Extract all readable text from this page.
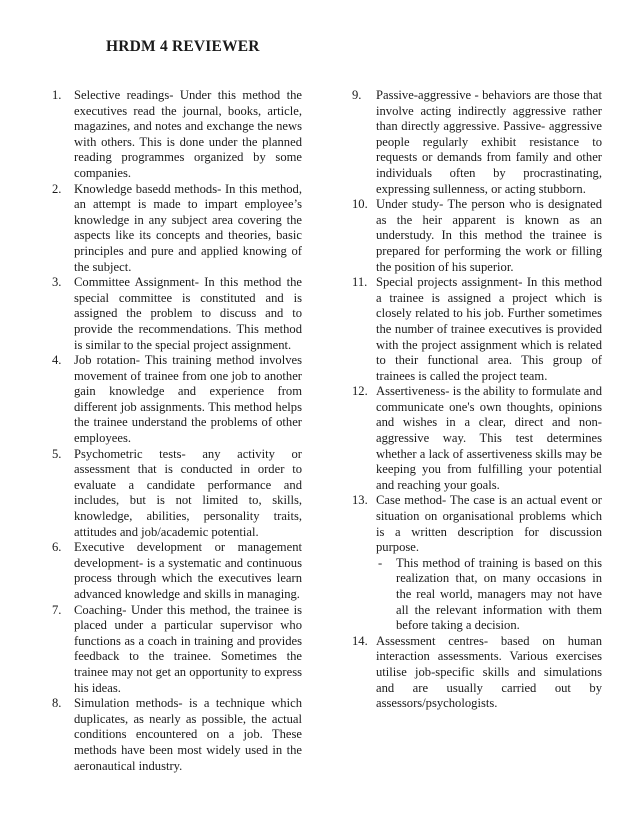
HRDM 4 REVIEWER
1. Selective readings- Under this method the executives read the journal, books, article, magazines, and notes and exchange the news with others. This is done under the planned reading programmes organized by some companies.
2. Knowledge basedd methods- In this method, an attempt is made to impart employee’s knowledge in any subject area covering the aspects like its concepts and theories, basic principles and pure and applied knowing of the subject.
3. Committee Assignment- In this method the special committee is constituted and is assigned the problem to discuss and to provide the recommendations. This method is similar to the special project assignment.
4. Job rotation- This training method involves movement of trainee from one job to another gain knowledge and experience from different job assignments. This method helps the trainee understand the problems of other employees.
5. Psychometric tests- any activity or assessment that is conducted in order to evaluate a candidate performance and includes, but is not limited to, skills, knowledge, abilities, personality traits, attitudes and job/academic potential.
6. Executive development or management development- is a systematic and continuous process through which the executives learn advanced knowledge and skills in managing.
7. Coaching- Under this method, the trainee is placed under a particular supervisor who functions as a coach in training and provides feedback to the trainee. Sometimes the trainee may not get an opportunity to express his ideas.
8. Simulation methods- is a technique which duplicates, as nearly as possible, the actual conditions encountered on a job. These methods have been most widely used in the aeronautical industry.
9. Passive-aggressive - behaviors are those that involve acting indirectly aggressive rather than directly aggressive. Passive- aggressive people regularly exhibit resistance to requests or demands from family and other individuals often by procrastinating, expressing sullenness, or acting stubborn.
10. Under study- The person who is designated as the heir apparent is known as an understudy. In this method the trainee is prepared for performing the work or filling the position of his superior.
11. Special projects assignment- In this method a trainee is assigned a project which is closely related to his job. Further sometimes the number of trainee executives is provided with the project assignment which is related to their functional area. This group of trainees is called the project team.
12. Assertiveness- is the ability to formulate and communicate one's own thoughts, opinions and wishes in a clear, direct and non-aggressive way. This test determines whether a lack of assertiveness skills may be keeping you from fulfilling your potential and reaching your goals.
13. Case method- The case is an actual event or situation on organisational problems which is a written description for discussion purpose.
- This method of training is based on this realization that, on many occasions in the real world, managers may not have all the relevant information with them before taking a decision.
14. Assessment centres- based on human interaction assessments. Various exercises utilise job-specific skills and simulations and are usually carried out by assessors/psychologists.
